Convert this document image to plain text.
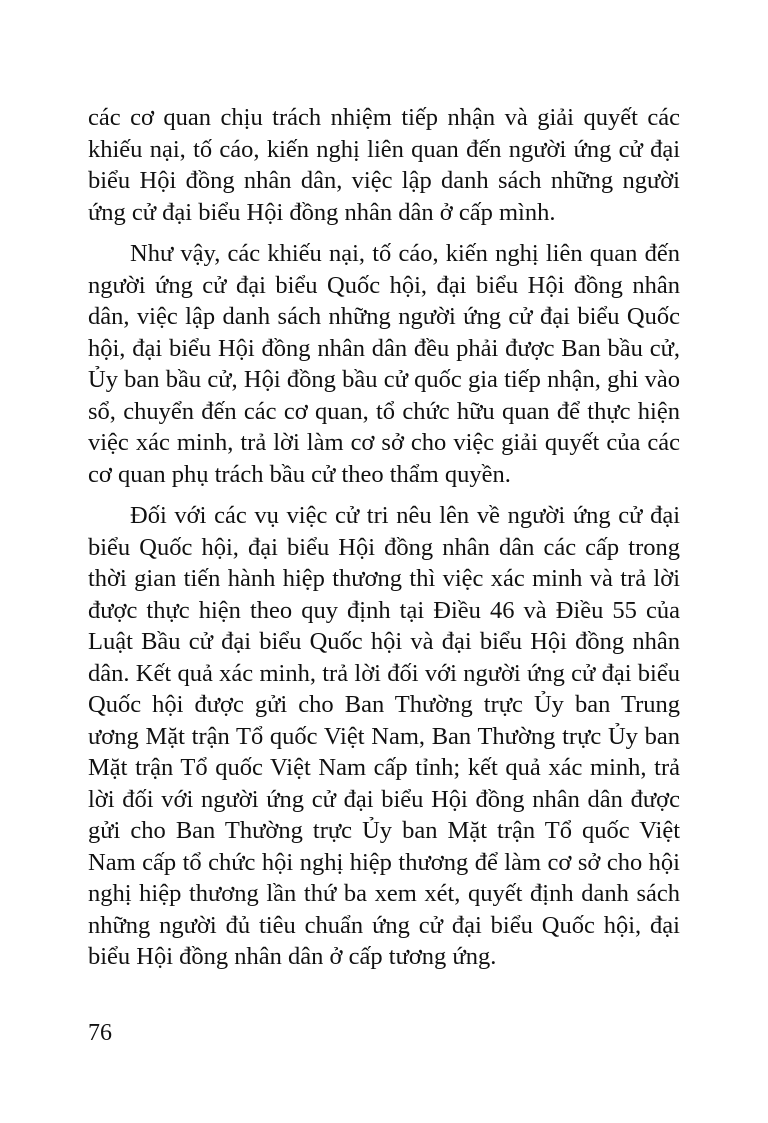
các cơ quan chịu trách nhiệm tiếp nhận và giải quyết các khiếu nại, tố cáo, kiến nghị liên quan đến người ứng cử đại biểu Hội đồng nhân dân, việc lập danh sách những người ứng cử đại biểu Hội đồng nhân dân ở cấp mình.

Như vậy, các khiếu nại, tố cáo, kiến nghị liên quan đến người ứng cử đại biểu Quốc hội, đại biểu Hội đồng nhân dân, việc lập danh sách những người ứng cử đại biểu Quốc hội, đại biểu Hội đồng nhân dân đều phải được Ban bầu cử, Ủy ban bầu cử, Hội đồng bầu cử quốc gia tiếp nhận, ghi vào sổ, chuyển đến các cơ quan, tổ chức hữu quan để thực hiện việc xác minh, trả lời làm cơ sở cho việc giải quyết của các cơ quan phụ trách bầu cử theo thẩm quyền.

Đối với các vụ việc cử tri nêu lên về người ứng cử đại biểu Quốc hội, đại biểu Hội đồng nhân dân các cấp trong thời gian tiến hành hiệp thương thì việc xác minh và trả lời được thực hiện theo quy định tại Điều 46 và Điều 55 của Luật Bầu cử đại biểu Quốc hội và đại biểu Hội đồng nhân dân. Kết quả xác minh, trả lời đối với người ứng cử đại biểu Quốc hội được gửi cho Ban Thường trực Ủy ban Trung ương Mặt trận Tổ quốc Việt Nam, Ban Thường trực Ủy ban Mặt trận Tổ quốc Việt Nam cấp tỉnh; kết quả xác minh, trả lời đối với người ứng cử đại biểu Hội đồng nhân dân được gửi cho Ban Thường trực Ủy ban Mặt trận Tổ quốc Việt Nam cấp tổ chức hội nghị hiệp thương để làm cơ sở cho hội nghị hiệp thương lần thứ ba xem xét, quyết định danh sách những người đủ tiêu chuẩn ứng cử đại biểu Quốc hội, đại biểu Hội đồng nhân dân ở cấp tương ứng.

76
